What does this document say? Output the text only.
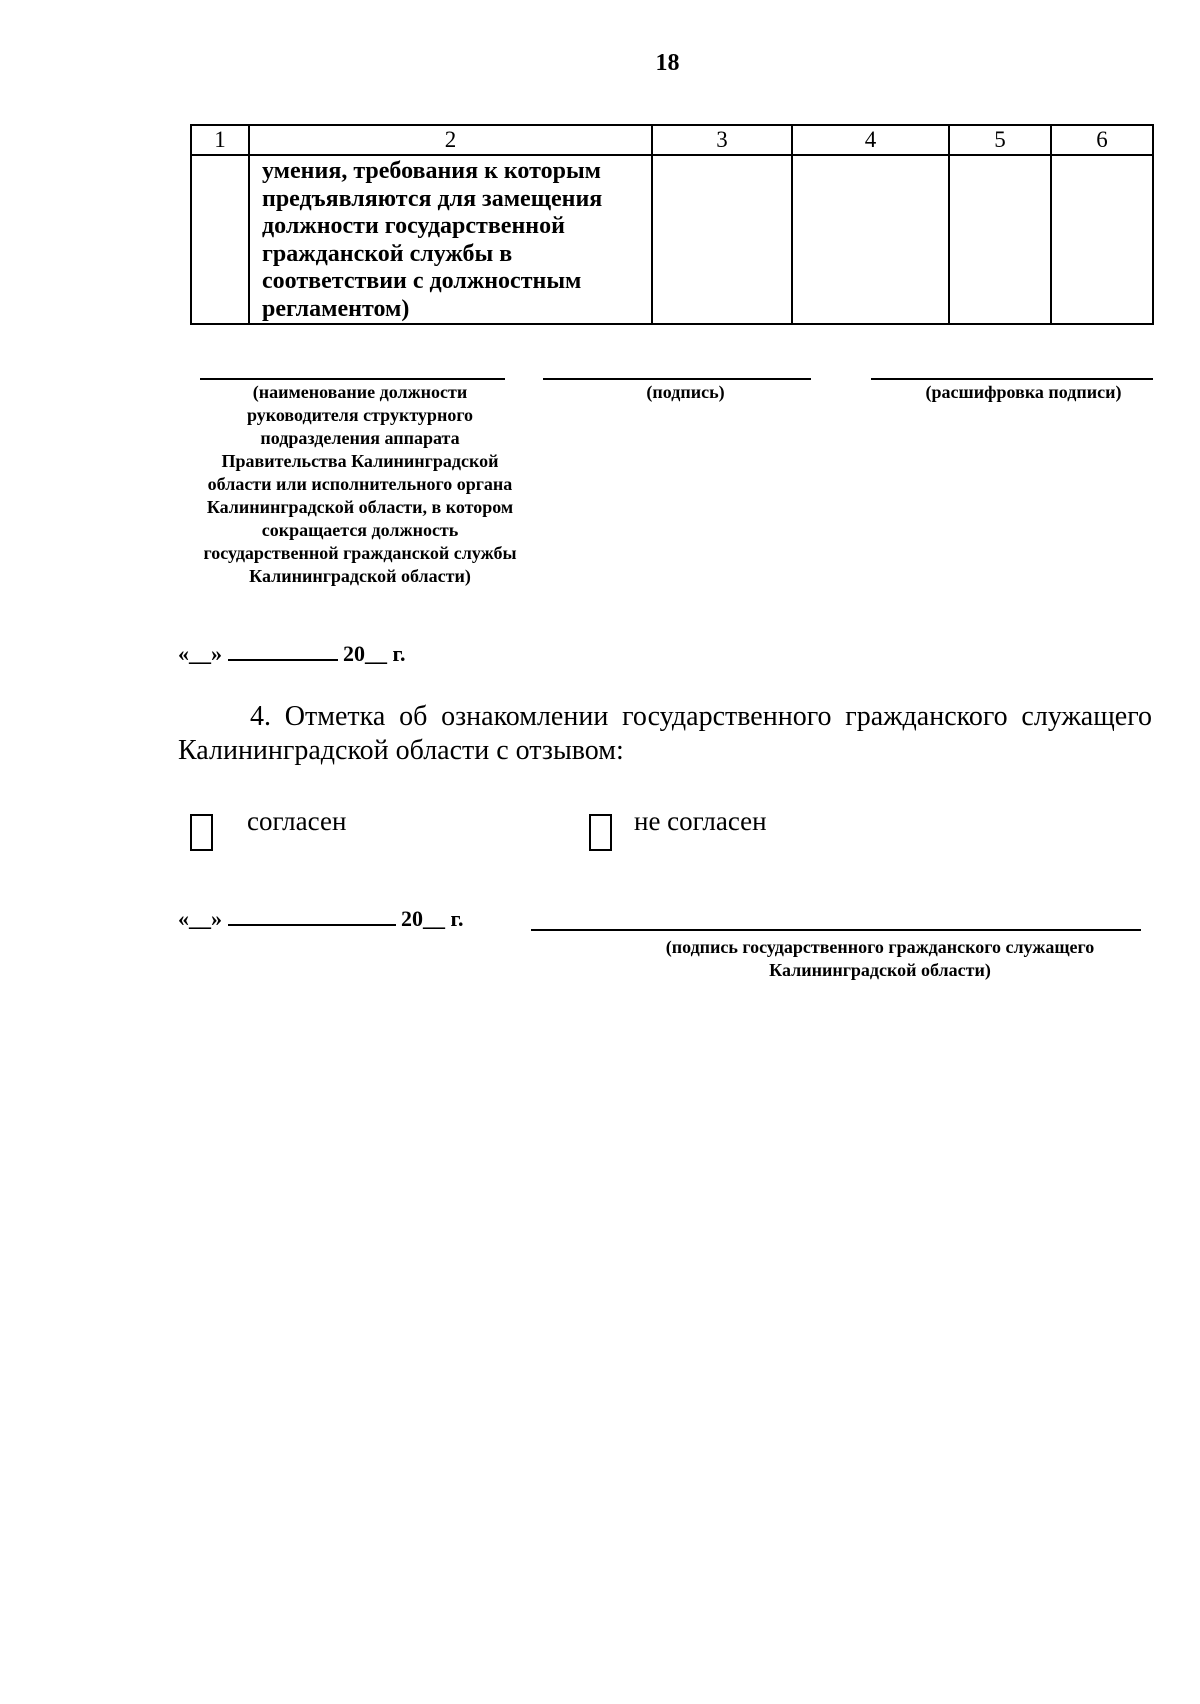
18
1	2	3	4	5	6

	умения, требования к которым предъявляются для замещения должности государственной гражданской службы в соответствии с должностным регламентом)				

(наименование должности руководителя структурного подразделения аппарата Правительства Калининградской области или исполнительного органа Калининградской области, в котором сокращается должность государственной гражданской службы Калининградской области)
(подпись)	(расшифровка подписи)
«__»	20__ г.
4. Отметка об ознакомлении государственного гражданского служащего Калининградской области с отзывом:
согласен	не согласен
«__»	20__ г.
(подпись государственного гражданского служащего Калининградской области)
